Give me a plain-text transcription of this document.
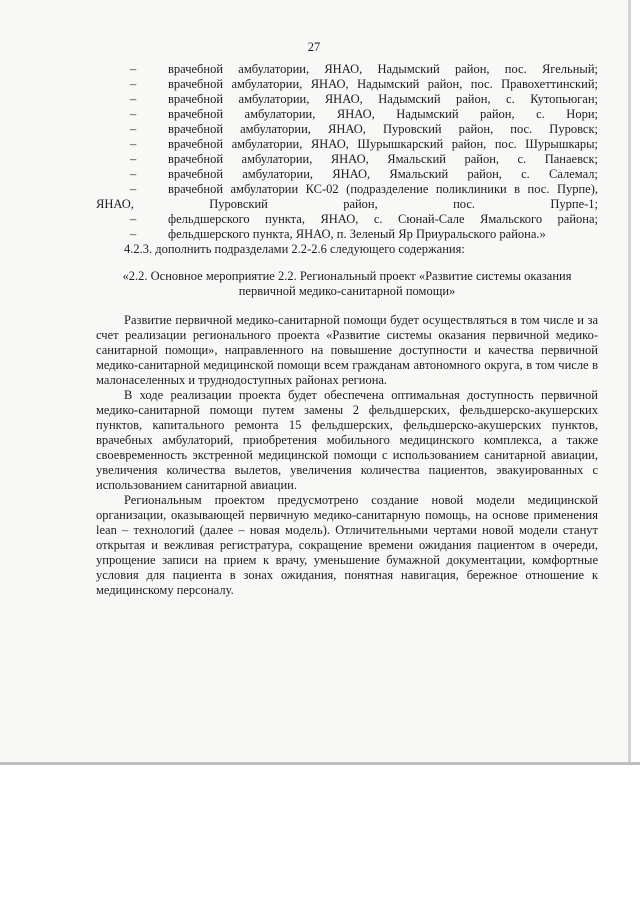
27
–	врачебной амбулатории, ЯНАО, Надымский район, пос. Ягельный;
–	врачебной амбулатории, ЯНАО, Надымский район, пос. Правохеттинский;
–	врачебной амбулатории, ЯНАО, Надымский район, с. Кутопьюган;
–	врачебной амбулатории, ЯНАО, Надымский район, с. Нори;
–	врачебной амбулатории, ЯНАО, Пуровский район, пос. Пуровск;
–	врачебной амбулатории, ЯНАО, Шурышкарский район, пос. Шурышкары;
–	врачебной амбулатории, ЯНАО, Ямальский район, с. Панаевск;
–	врачебной амбулатории, ЯНАО, Ямальский район, с. Салемал;
–	врачебной амбулатории КС-02 (подразделение поликлиники в пос. Пурпе), ЯНАО, Пуровский район, пос. Пурпе-1;
–	фельдшерского пункта, ЯНАО, с. Сюнай-Сале Ямальского района;
–	фельдшерского пункта, ЯНАО, п. Зеленый Яр Приуральского района.»
4.2.3. дополнить подразделами 2.2-2.6 следующего содержания:
«2.2. Основное мероприятие 2.2. Региональный проект «Развитие системы оказания первичной медико-санитарной помощи»
Развитие первичной медико-санитарной помощи будет осуществляться в том числе и за счет реализации регионального проекта «Развитие системы оказания первичной медико-санитарной помощи», направленного на повышение доступности и качества первичной медико-санитарной медицинской помощи всем гражданам автономного округа, в том числе в малонаселенных и труднодоступных районах региона.
В ходе реализации проекта будет обеспечена оптимальная доступность первичной медико-санитарной помощи путем замены 2 фельдшерских, фельдшерско-акушерских пунктов, капитального ремонта 15 фельдшерских, фельдшерско-акушерских пунктов, врачебных амбулаторий, приобретения мобильного медицинского комплекса, а также своевременность экстренной медицинской помощи с использованием санитарной авиации, увеличения количества вылетов, увеличения количества пациентов, эвакуированных с использованием санитарной авиации.
Региональным проектом предусмотрено создание новой модели медицинской организации, оказывающей первичную медико-санитарную помощь, на основе применения lean – технологий (далее – новая модель). Отличительными чертами новой модели станут открытая и вежливая регистратура, сокращение времени ожидания пациентом в очереди, упрощение записи на прием к врачу, уменьшение бумажной документации, комфортные условия для пациента в зонах ожидания, понятная навигация, бережное отношение к медицинскому персоналу.
